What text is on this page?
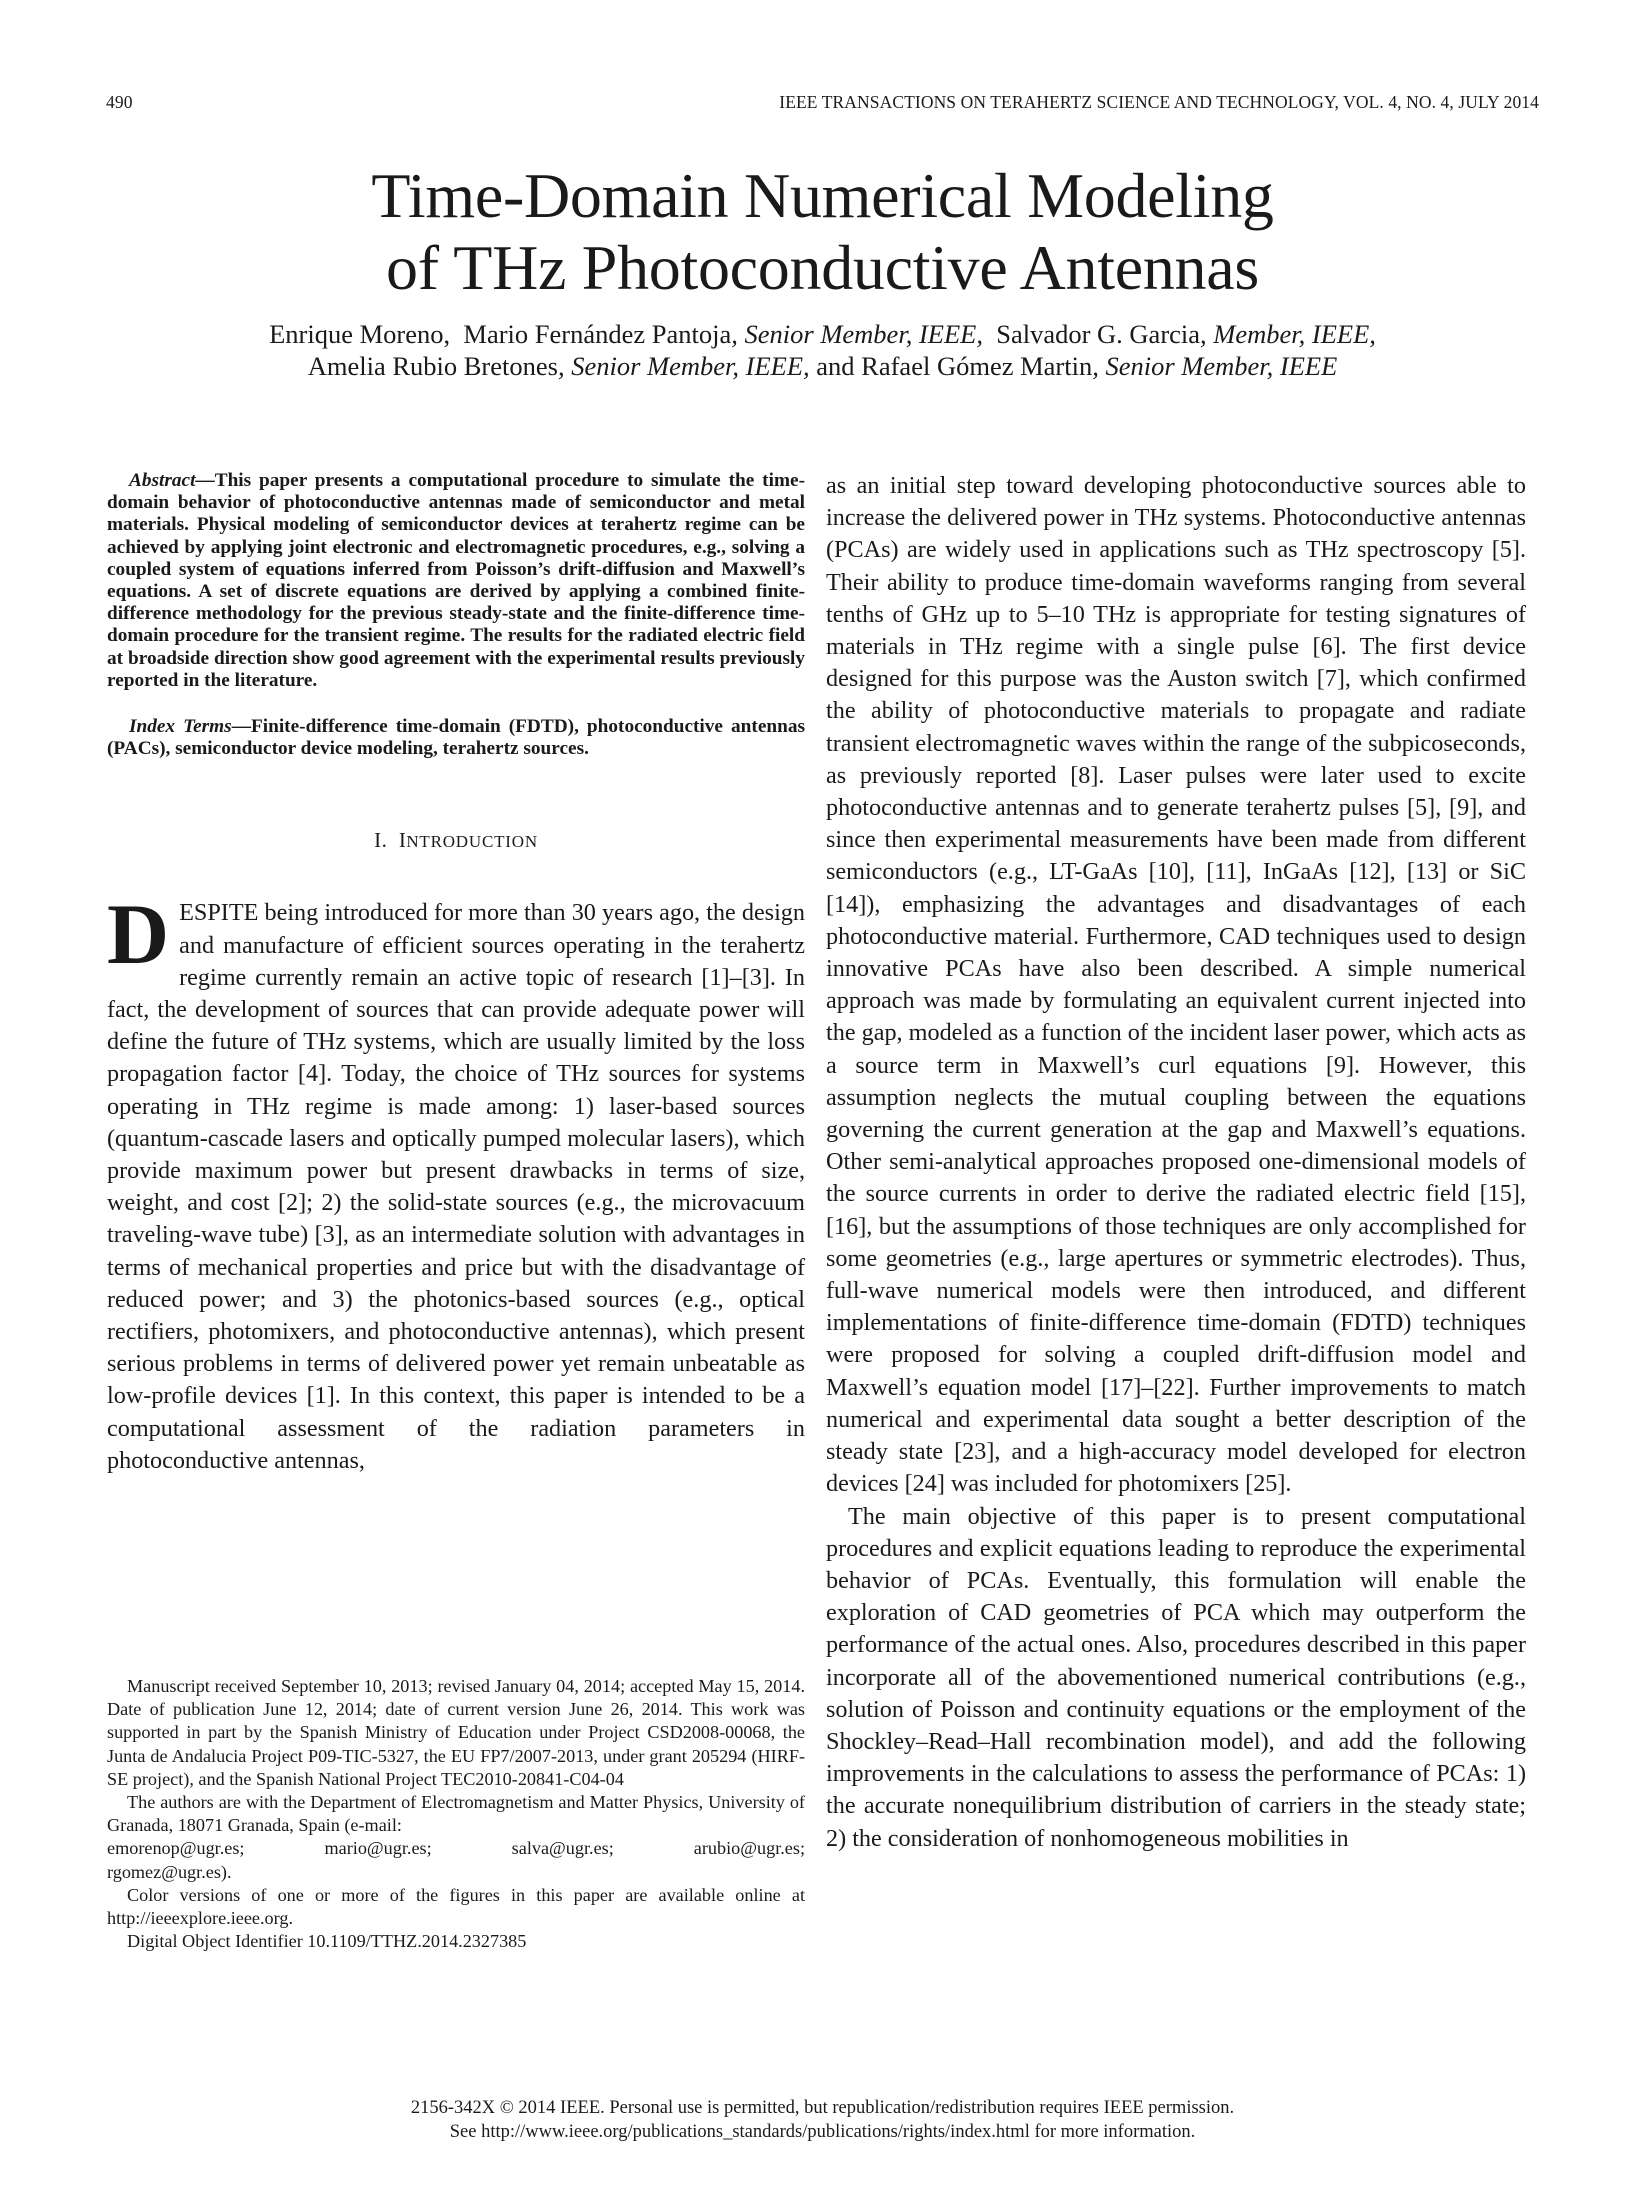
490	IEEE TRANSACTIONS ON TERAHERTZ SCIENCE AND TECHNOLOGY, VOL. 4, NO. 4, JULY 2014
Time-Domain Numerical Modeling
of THz Photoconductive Antennas
Enrique Moreno, Mario Fernández Pantoja, Senior Member, IEEE, Salvador G. Garcia, Member, IEEE,
Amelia Rubio Bretones, Senior Member, IEEE, and Rafael Gómez Martin, Senior Member, IEEE

Abstract—This paper presents a computational procedure to simulate the time-domain behavior of photoconductive antennas made of semiconductor and metal materials. Physical modeling of semiconductor devices at terahertz regime can be achieved by applying joint electronic and electromagnetic procedures, e.g., solving a coupled system of equations inferred from Poisson’s drift-diffusion and Maxwell’s equations. A set of discrete equations are derived by applying a combined finite-difference methodology for the previous steady-state and the finite-difference time-domain procedure for the transient regime. The results for the radiated electric field at broadside direction show good agreement with the experimental results previously reported in the literature.

Index Terms—Finite-difference time-domain (FDTD), photoconductive antennas (PACs), semiconductor device modeling, terahertz sources.

I. INTRODUCTION

DESPITE being introduced for more than 30 years ago, the design and manufacture of efficient sources operating in the terahertz regime currently remain an active topic of research [1]–[3]. In fact, the development of sources that can provide adequate power will define the future of THz systems, which are usually limited by the loss propagation factor [4]. Today, the choice of THz sources for systems operating in THz regime is made among: 1) laser-based sources (quantum-cascade lasers and optically pumped molecular lasers), which provide maximum power but present drawbacks in terms of size, weight, and cost [2]; 2) the solid-state sources (e.g., the microvacuum traveling-wave tube) [3], as an intermediate solution with advantages in terms of mechanical properties and price but with the disadvantage of reduced power; and 3) the photonics-based sources (e.g., optical rectifiers, photomixers, and photoconductive antennas), which present serious problems in terms of delivered power yet remain unbeatable as low-profile devices [1]. In this context, this paper is intended to be a computational assessment of the radiation parameters in photoconductive antennas,

as an initial step toward developing photoconductive sources able to increase the delivered power in THz systems. Photoconductive antennas (PCAs) are widely used in applications such as THz spectroscopy [5]. Their ability to produce time-domain waveforms ranging from several tenths of GHz up to 5–10 THz is appropriate for testing signatures of materials in THz regime with a single pulse [6]. The first device designed for this purpose was the Auston switch [7], which confirmed the ability of photoconductive materials to propagate and radiate transient electromagnetic waves within the range of the subpicoseconds, as previously reported [8]. Laser pulses were later used to excite photoconductive antennas and to generate terahertz pulses [5], [9], and since then experimental measurements have been made from different semiconductors (e.g., LT-GaAs [10], [11], InGaAs [12], [13] or SiC [14]), emphasizing the advantages and disadvantages of each photoconductive material. Furthermore, CAD techniques used to design innovative PCAs have also been described. A simple numerical approach was made by formulating an equivalent current injected into the gap, modeled as a function of the incident laser power, which acts as a source term in Maxwell’s curl equations [9]. However, this assumption neglects the mutual coupling between the equations governing the current generation at the gap and Maxwell’s equations. Other semi-analytical approaches proposed one-dimensional models of the source currents in order to derive the radiated electric field [15], [16], but the assumptions of those techniques are only accomplished for some geometries (e.g., large apertures or symmetric electrodes). Thus, full-wave numerical models were then introduced, and different implementations of finite-difference time-domain (FDTD) techniques were proposed for solving a coupled drift-diffusion model and Maxwell’s equation model [17]–[22]. Further improvements to match numerical and experimental data sought a better description of the steady state [23], and a high-accuracy model developed for electron devices [24] was included for photomixers [25].

The main objective of this paper is to present computational procedures and explicit equations leading to reproduce the experimental behavior of PCAs. Eventually, this formulation will enable the exploration of CAD geometries of PCA which may outperform the performance of the actual ones. Also, procedures described in this paper incorporate all of the abovementioned numerical contributions (e.g., solution of Poisson and continuity equations or the employment of the Shockley–Read–Hall recombination model), and add the following improvements in the calculations to assess the performance of PCAs: 1) the accurate nonequilibrium distribution of carriers in the steady state; 2) the consideration of nonhomogeneous mobilities in

Manuscript received September 10, 2013; revised January 04, 2014; accepted May 15, 2014. Date of publication June 12, 2014; date of current version June 26, 2014. This work was supported in part by the Spanish Ministry of Education under Project CSD2008-00068, the Junta de Andalucia Project P09-TIC-5327, the EU FP7/2007-2013, under grant 205294 (HIRF-SE project), and the Spanish National Project TEC2010-20841-C04-04

The authors are with the Department of Electromagnetism and Matter Physics, University of Granada, 18071 Granada, Spain (e-mail:

emorenop@ugr.es;	mario@ugr.es;	salva@ugr.es;	arubio@ugr.es;
rgomez@ugr.es).

Color versions of one or more of the figures in this paper are available online at http://ieeexplore.ieee.org.

Digital Object Identifier 10.1109/TTHZ.2014.2327385

2156-342X © 2014 IEEE. Personal use is permitted, but republication/redistribution requires IEEE permission.
See http://www.ieee.org/publications_standards/publications/rights/index.html for more information.
